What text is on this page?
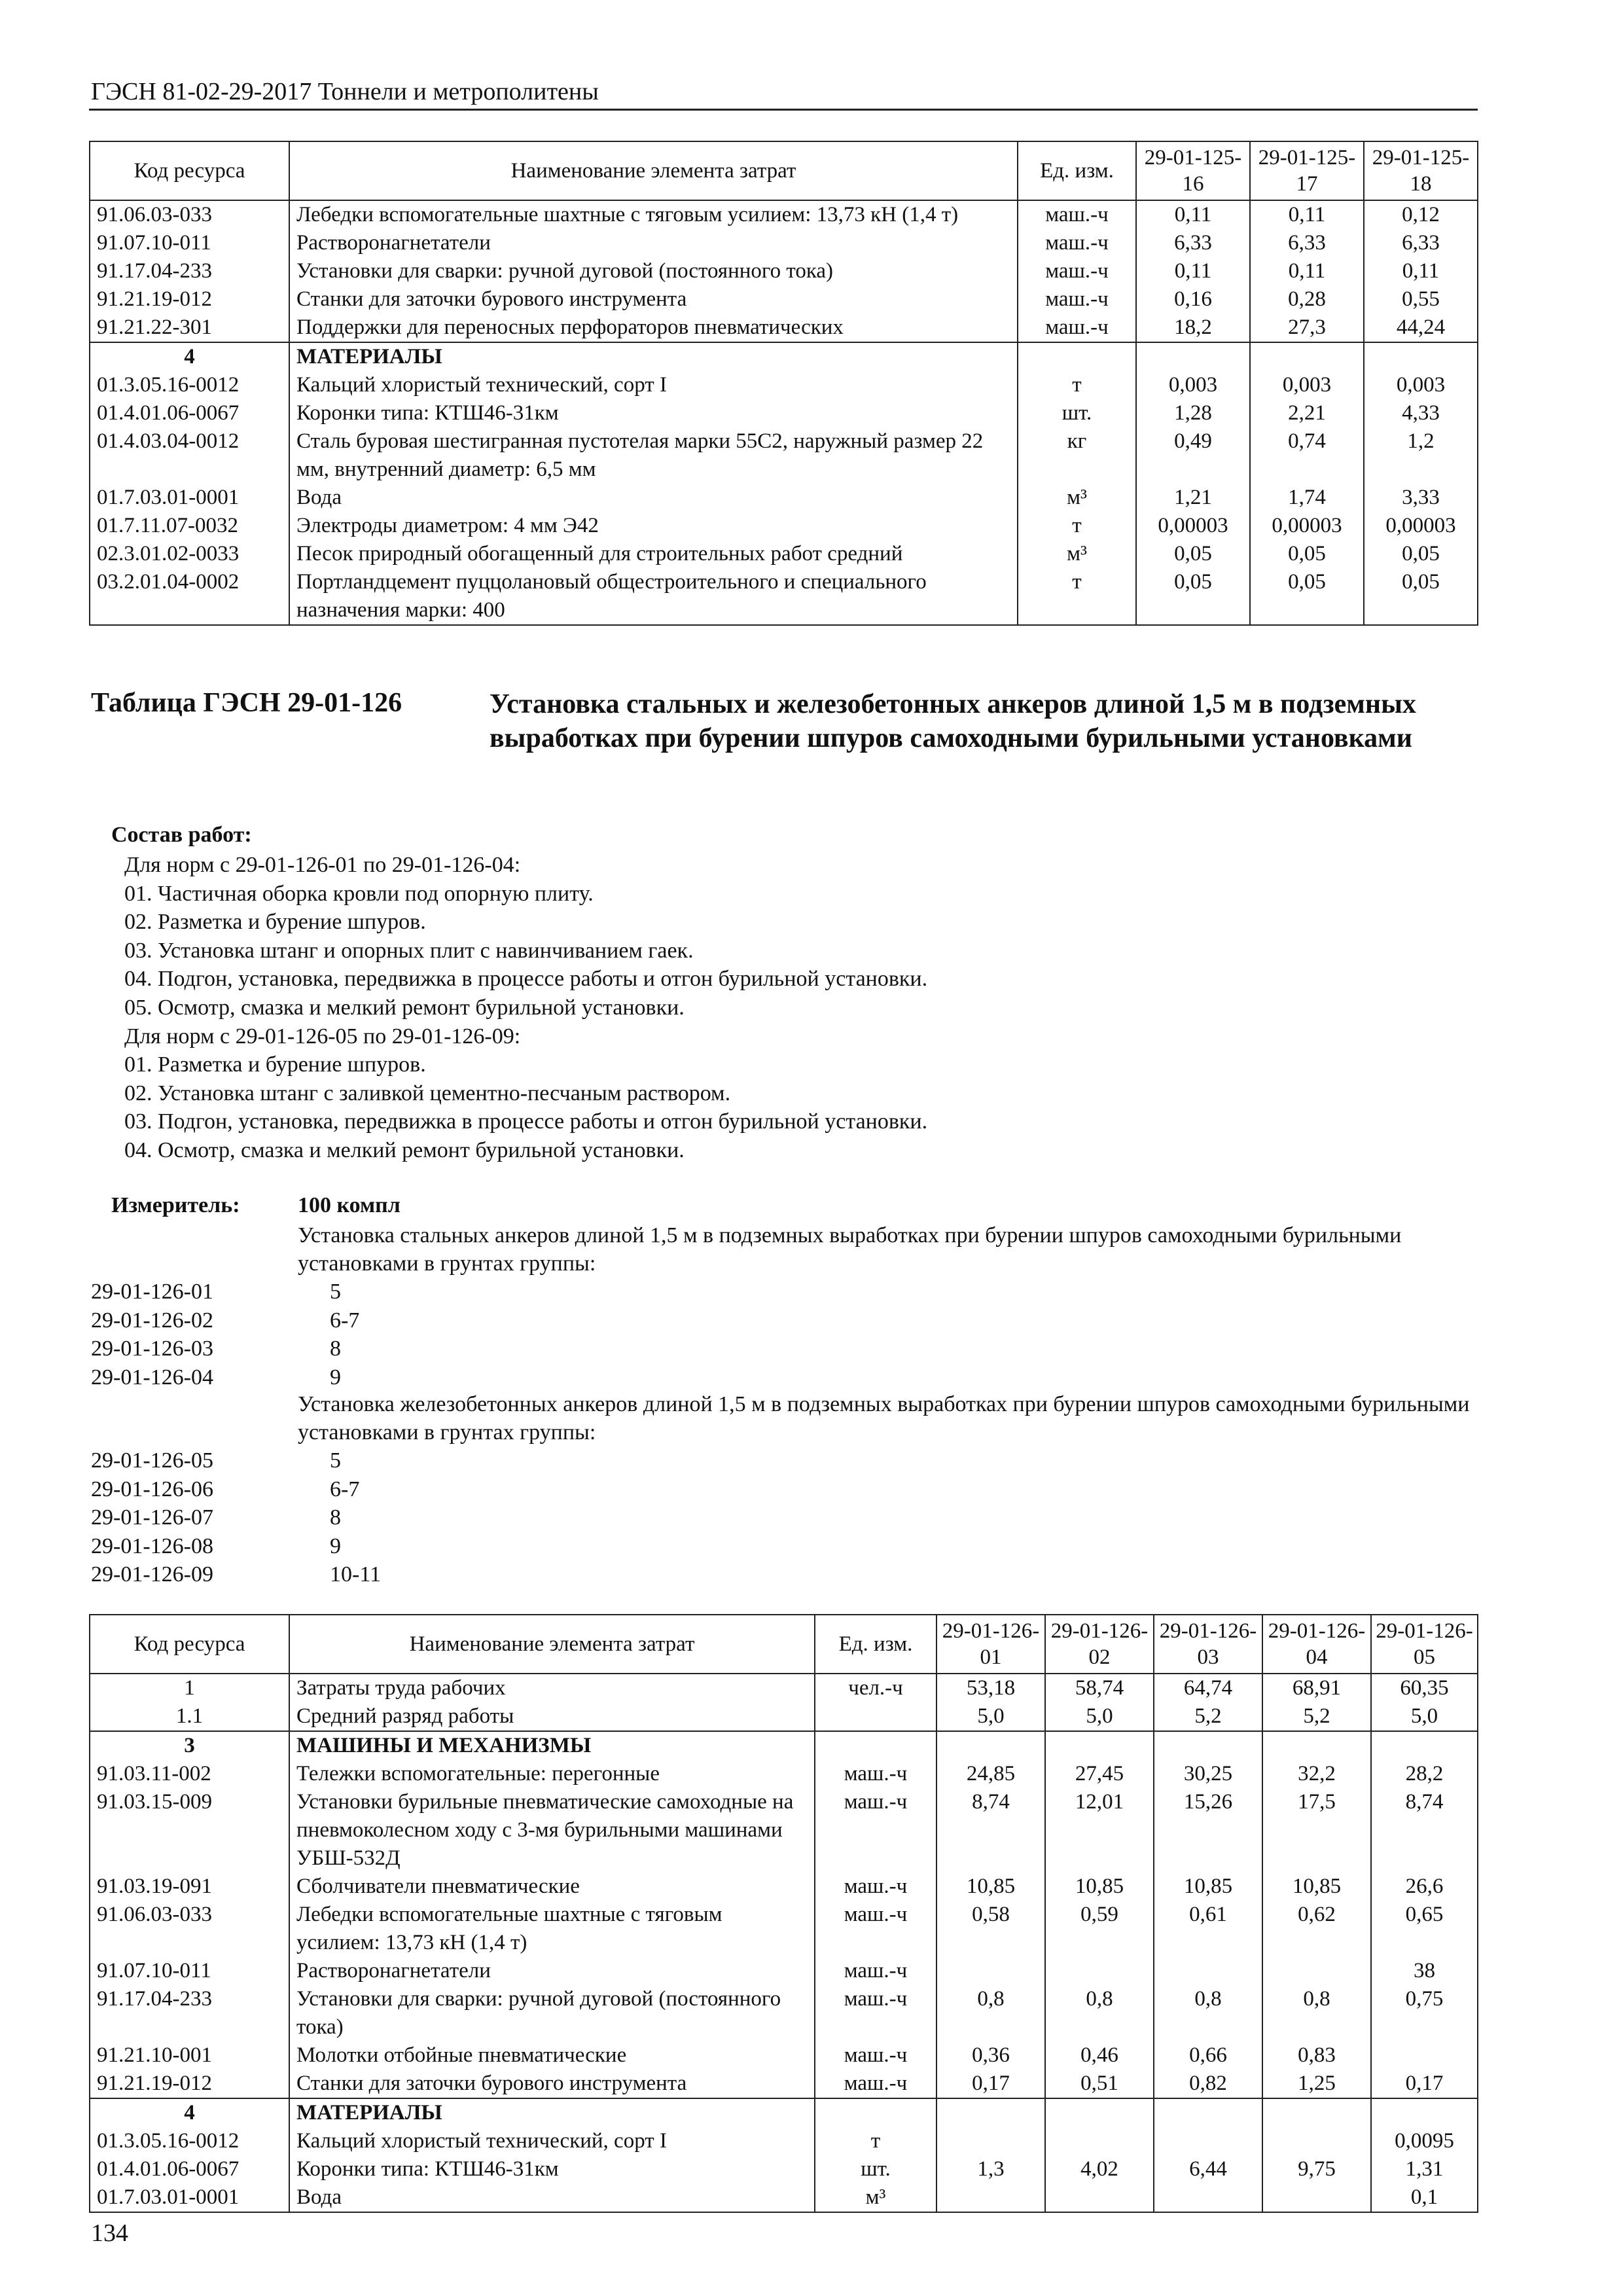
ГЭСН 81-02-29-2017 Тоннели и метрополитены
Код ресурса	Наименование элемента затрат	Ед. изм.	29-01-125-16	29-01-125-17	29-01-125-18
91.06.03-033	Лебедки вспомогательные шахтные с тяговым усилием: 13,73 кН (1,4 т)	маш.-ч	0,11	0,11	0,12
91.07.10-011	Растворонагнетатели	маш.-ч	6,33	6,33	6,33
91.17.04-233	Установки для сварки: ручной дуговой (постоянного тока)	маш.-ч	0,11	0,11	0,11
91.21.19-012	Станки для заточки бурового инструмента	маш.-ч	0,16	0,28	0,55
91.21.22-301	Поддержки для переносных перфораторов пневматических	маш.-ч	18,2	27,3	44,24
4	МАТЕРИАЛЫ				
01.3.05.16-0012	Кальций хлористый технический, сорт I	т	0,003	0,003	0,003
01.4.01.06-0067	Коронки типа: КТШ46-31км	шт.	1,28	2,21	4,33
01.4.03.04-0012	Сталь буровая шестигранная пустотелая марки 55С2, наружный размер 22 мм, внутренний диаметр: 6,5 мм	кг	0,49	0,74	1,2
01.7.03.01-0001	Вода	м³	1,21	1,74	3,33
01.7.11.07-0032	Электроды диаметром: 4 мм Э42	т	0,00003	0,00003	0,00003
02.3.01.02-0033	Песок природный обогащенный для строительных работ средний	м³	0,05	0,05	0,05
03.2.01.04-0002	Портландцемент пуццолановый общестроительного и специального назначения марки: 400	т	0,05	0,05	0,05
Таблица ГЭСН 29-01-126	Установка стальных и железобетонных анкеров длиной 1,5 м в подземных выработках при бурении шпуров самоходными бурильными установками
Состав работ:
Для норм с 29-01-126-01 по 29-01-126-04:
01. Частичная оборка кровли под опорную плиту.
02. Разметка и бурение шпуров.
03. Установка штанг и опорных плит с навинчиванием гаек.
04. Подгон, установка, передвижка в процессе работы и отгон бурильной установки.
05. Осмотр, смазка и мелкий ремонт бурильной установки.
Для норм с 29-01-126-05 по 29-01-126-09:
01. Разметка и бурение шпуров.
02. Установка штанг с заливкой цементно-песчаным раствором.
03. Подгон, установка, передвижка в процессе работы и отгон бурильной установки.
04. Осмотр, смазка и мелкий ремонт бурильной установки.
Измеритель:	100 компл
Установка стальных анкеров длиной 1,5 м в подземных выработках при бурении шпуров самоходными бурильными установками в грунтах группы:
29-01-126-01	5
29-01-126-02	6-7
29-01-126-03	8
29-01-126-04	9
Установка железобетонных анкеров длиной 1,5 м в подземных выработках при бурении шпуров самоходными бурильными установками в грунтах группы:
29-01-126-05	5
29-01-126-06	6-7
29-01-126-07	8
29-01-126-08	9
29-01-126-09	10-11
Код ресурса	Наименование элемента затрат	Ед. изм.	29-01-126-01	29-01-126-02	29-01-126-03	29-01-126-04	29-01-126-05
1	Затраты труда рабочих	чел.-ч	53,18	58,74	64,74	68,91	60,35
1.1	Средний разряд работы		5,0	5,0	5,2	5,2	5,0
3	МАШИНЫ И МЕХАНИЗМЫ						
91.03.11-002	Тележки вспомогательные: перегонные	маш.-ч	24,85	27,45	30,25	32,2	28,2
91.03.15-009	Установки бурильные пневматические самоходные на пневмоколесном ходу с 3-мя бурильными машинами УБШ-532Д	маш.-ч	8,74	12,01	15,26	17,5	8,74
91.03.19-091	Сболчиватели пневматические	маш.-ч	10,85	10,85	10,85	10,85	26,6
91.06.03-033	Лебедки вспомогательные шахтные с тяговым усилием: 13,73 кН (1,4 т)	маш.-ч	0,58	0,59	0,61	0,62	0,65
91.07.10-011	Растворонагнетатели	маш.-ч					38
91.17.04-233	Установки для сварки: ручной дуговой (постоянного тока)	маш.-ч	0,8	0,8	0,8	0,8	0,75
91.21.10-001	Молотки отбойные пневматические	маш.-ч	0,36	0,46	0,66	0,83	
91.21.19-012	Станки для заточки бурового инструмента	маш.-ч	0,17	0,51	0,82	1,25	0,17
4	МАТЕРИАЛЫ						
01.3.05.16-0012	Кальций хлористый технический, сорт I	т					0,0095
01.4.01.06-0067	Коронки типа: КТШ46-31км	шт.	1,3	4,02	6,44	9,75	1,31
01.7.03.01-0001	Вода	м³					0,1
134
